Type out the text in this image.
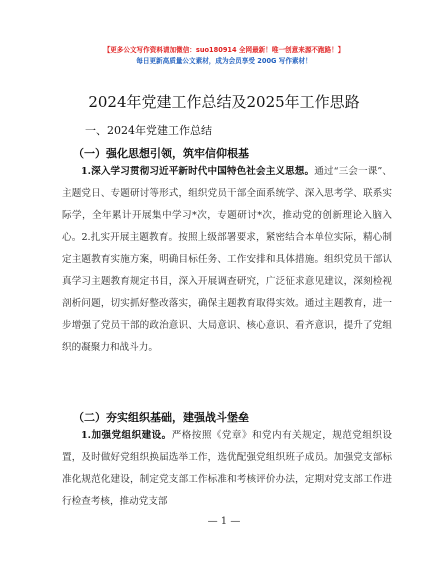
【更多公文写作资料请加微信：suo180914 全网最新！唯一创意来源不跑路！】
每日更新高质量公文素材，成为会员享受 200G 写作素材！
2024年党建工作总结及2025年工作思路
一、2024年党建工作总结
（一）强化思想引领，筑牢信仰根基
1.深入学习贯彻习近平新时代中国特色社会主义思想。通过“三会一课”、主题党日、专题研讨等形式，组织党员干部全面系统学、深入思考学、联系实际学，全年累计开展集中学习*次，专题研讨*次，推动党的创新理论入脑入心。2.扎实开展主题教育。按照上级部署要求，紧密结合本单位实际，精心制定主题教育实施方案，明确目标任务、工作安排和具体措施。组织党员干部认真学习主题教育规定书目，深入开展调查研究，广泛征求意见建议，深刻检视剖析问题，切实抓好整改落实，确保主题教育取得实效。通过主题教育，进一步增强了党员干部的政治意识、大局意识、核心意识、看齐意识，提升了党组织的凝聚力和战斗力。
（二）夯实组织基础，建强战斗堡垒
1.加强党组织建设。严格按照《党章》和党内有关规定，规范党组织设置，及时做好党组织换届选举工作，选优配强党组织班子成员。加强党支部标准化规范化建设，制定党支部工作标准和考核评价办法，定期对党支部工作进行检查考核，推动党支部
— 1 —
